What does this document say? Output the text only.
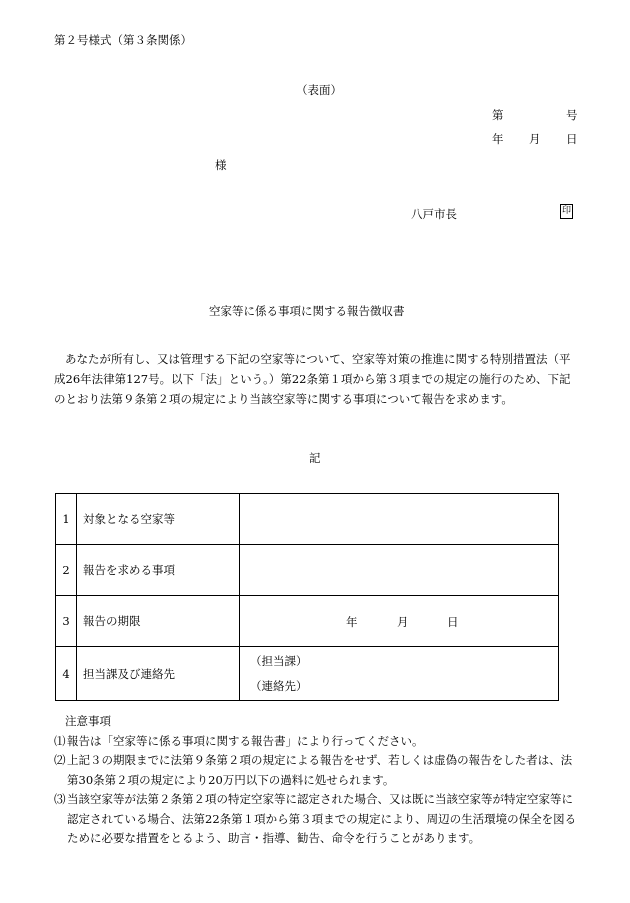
第２号様式（第３条関係）
（表面）
第	号
年 月 日
様
八戸市長	印
空家等に係る事項に関する報告徴収書
あなたが所有し、又は管理する下記の空家等について、空家等対策の推進に関する特別措置法（平成26年法律第127号。以下「法」という。）第22条第１項から第３項までの規定の施行のため、下記のとおり法第９条第２項の規定により当該空家等に関する事項について報告を求めます。
記
1	対象となる空家等	
2	報告を求める事項	
3	報告の期限	年 月 日

4	担当課及び連絡先	（担当課）
（連絡先）
注意事項
⑴ 報告は「空家等に係る事項に関する報告書」により行ってください。
⑵ 上記３の期限までに法第９条第２項の規定による報告をせず、若しくは虚偽の報告をした者は、法第30条第２項の規定により20万円以下の過料に処せられます。
⑶ 当該空家等が法第２条第２項の特定空家等に認定された場合、又は既に当該空家等が特定空家等に認定されている場合、法第22条第１項から第３項までの規定により、周辺の生活環境の保全を図るために必要な措置をとるよう、助言・指導、勧告、命令を行うことがあります。
